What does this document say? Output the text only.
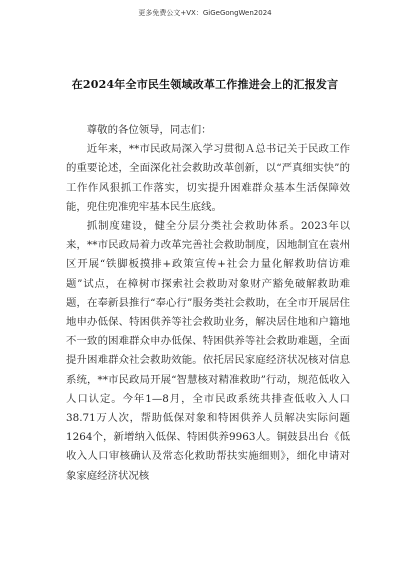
更多免费公文+VX：GiGeGongWen2024
在2024年全市民生领域改革工作推进会上的汇报发言

尊敬的各位领导，同志们：

近年来，**市民政局深入学习贯彻Ａ总书记关于民政工作的重要论述，全面深化社会救助改革创新，以“严真细实快”的工作作风狠抓工作落实，切实提升困难群众基本生活保障效能，兜住兜准兜牢基本民生底线。

抓制度建设，健全分层分类社会救助体系。2023年以来，**市民政局着力改革完善社会救助制度，因地制宜在袁州区开展“铁脚板摸排+政策宣传+社会力量化解救助信访难题”试点，在樟树市探索社会救助对象财产豁免破解救助难题，在奉新县推行“奉心行”服务类社会救助，在全市开展居住地申办低保、特困供养等社会救助业务，解决居住地和户籍地不一致的困难群众申办低保、特困供养等社会救助难题，全面提升困难群众社会救助效能。依托居民家庭经济状况核对信息系统，**市民政局开展“智慧核对精准救助”行动，规范低收入人口认定。今年1—8月，全市民政系统共排查低收入人口38.71万人次，帮助低保对象和特困供养人员解决实际问题1264个，新增纳入低保、特困供养9963人。铜鼓县出台《低收入人口审核确认及常态化救助帮扶实施细则》，细化申请对象家庭经济状况核
